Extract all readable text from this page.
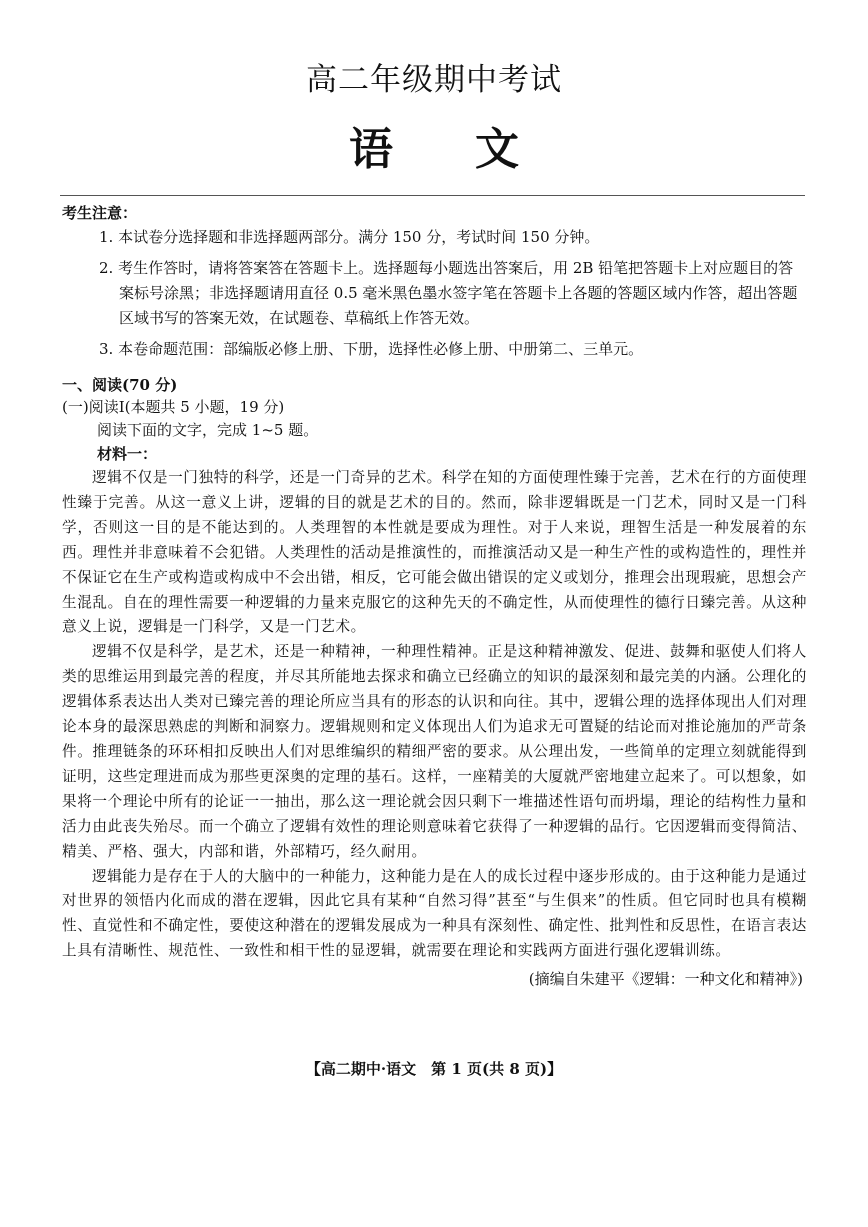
高二年级期中考试
语文
考生注意：

1. 本试卷分选择题和非选择题两部分。满分 150 分，考试时间 150 分钟。

2. 考生作答时，请将答案答在答题卡上。选择题每小题选出答案后，用 2B 铅笔把答题卡上对应题目的答案标号涂黑；非选择题请用直径 0.5 毫米黑色墨水签字笔在答题卡上各题的答题区域内作答，超出答题区域书写的答案无效，在试题卷、草稿纸上作答无效。

3. 本卷命题范围：部编版必修上册、下册，选择性必修上册、中册第二、三单元。

一、阅读(70 分)
(一)阅读Ⅰ(本题共 5 小题，19 分)
阅读下面的文字，完成 1~5 题。
材料一：

逻辑不仅是一门独特的科学，还是一门奇异的艺术。科学在知的方面使理性臻于完善，艺术在行的方面使理性臻于完善。从这一意义上讲，逻辑的目的就是艺术的目的。然而，除非逻辑既是一门艺术，同时又是一门科学，否则这一目的是不能达到的。人类理智的本性就是要成为理性。对于人来说，理智生活是一种发展着的东西。理性并非意味着不会犯错。人类理性的活动是推演性的，而推演活动又是一种生产性的或构造性的，理性并不保证它在生产或构造或构成中不会出错，相反，它可能会做出错误的定义或划分，推理会出现瑕疵，思想会产生混乱。自在的理性需要一种逻辑的力量来克服它的这种先天的不确定性，从而使理性的德行日臻完善。从这种意义上说，逻辑是一门科学，又是一门艺术。

逻辑不仅是科学，是艺术，还是一种精神，一种理性精神。正是这种精神激发、促进、鼓舞和驱使人们将人类的思维运用到最完善的程度，并尽其所能地去探求和确立已经确立的知识的最深刻和最完美的内涵。公理化的逻辑体系表达出人类对已臻完善的理论所应当具有的形态的认识和向往。其中，逻辑公理的选择体现出人们对理论本身的最深思熟虑的判断和洞察力。逻辑规则和定义体现出人们为追求无可置疑的结论而对推论施加的严苛条件。推理链条的环环相扣反映出人们对思维编织的精细严密的要求。从公理出发，一些简单的定理立刻就能得到证明，这些定理进而成为那些更深奥的定理的基石。这样，一座精美的大厦就严密地建立起来了。可以想象，如果将一个理论中所有的论证一一抽出，那么这一理论就会因只剩下一堆描述性语句而坍塌，理论的结构性力量和活力由此丧失殆尽。而一个确立了逻辑有效性的理论则意味着它获得了一种逻辑的品行。它因逻辑而变得简洁、精美、严格、强大，内部和谐，外部精巧，经久耐用。

逻辑能力是存在于人的大脑中的一种能力，这种能力是在人的成长过程中逐步形成的。由于这种能力是通过对世界的领悟内化而成的潜在逻辑，因此它具有某种“自然习得”甚至“与生俱来”的性质。但它同时也具有模糊性、直觉性和不确定性，要使这种潜在的逻辑发展成为一种具有深刻性、确定性、批判性和反思性，在语言表达上具有清晰性、规范性、一致性和相干性的显逻辑，就需要在理论和实践两方面进行强化逻辑训练。

(摘编自朱建平《逻辑：一种文化和精神》)
【高二期中·语文　第 1 页(共 8 页)】
